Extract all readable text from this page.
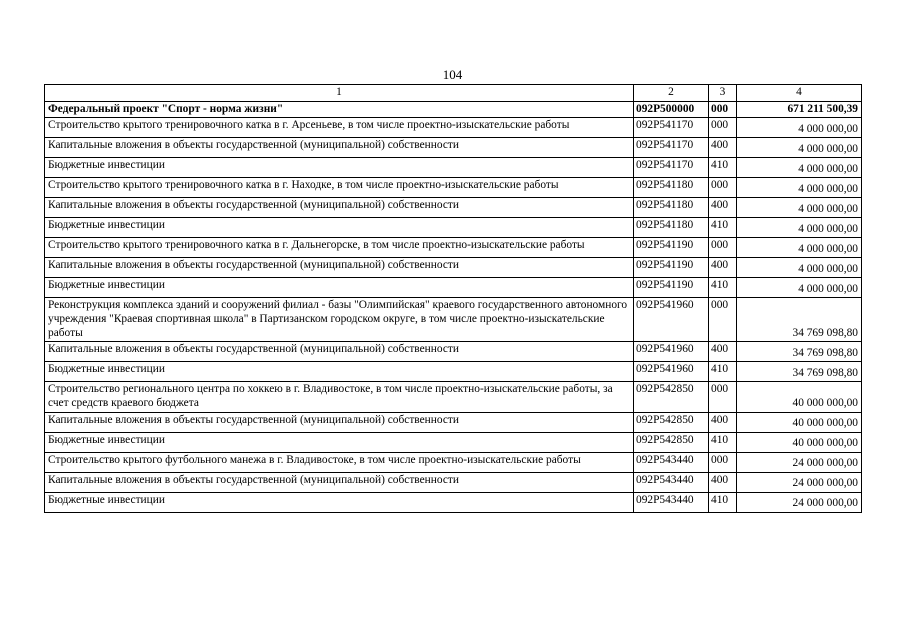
104
1	2	3	4
Федеральный проект "Спорт - норма жизни"	092P500000	000	671 211 500,39
Строительство крытого тренировочного катка в г. Арсеньеве, в том числе проектно-изыскательские работы	092P541170	000	4 000 000,00
Капитальные вложения в объекты государственной (муниципальной) собственности	092P541170	400	4 000 000,00
Бюджетные инвестиции	092P541170	410	4 000 000,00
Строительство крытого тренировочного катка в г. Находке, в том числе проектно-изыскательские работы	092P541180	000	4 000 000,00
Капитальные вложения в объекты государственной (муниципальной) собственности	092P541180	400	4 000 000,00
Бюджетные инвестиции	092P541180	410	4 000 000,00
Строительство крытого тренировочного катка в г. Дальнегорске, в том числе проектно-изыскательские работы	092P541190	000	4 000 000,00
Капитальные вложения в объекты государственной (муниципальной) собственности	092P541190	400	4 000 000,00
Бюджетные инвестиции	092P541190	410	4 000 000,00
Реконструкция комплекса зданий и сооружений филиал - базы "Олимпийская" краевого государственного автономного учреждения "Краевая спортивная школа" в Партизанском городском округе, в том числе проектно-изыскательские работы	092P541960	000	34 769 098,80
Капитальные вложения в объекты государственной (муниципальной) собственности	092P541960	400	34 769 098,80
Бюджетные инвестиции	092P541960	410	34 769 098,80
Строительство регионального центра по хоккею в г. Владивостоке, в том числе проектно-изыскательские работы, за счет средств краевого бюджета	092P542850	000	40 000 000,00
Капитальные вложения в объекты государственной (муниципальной) собственности	092P542850	400	40 000 000,00
Бюджетные инвестиции	092P542850	410	40 000 000,00
Строительство крытого футбольного манежа в г. Владивостоке, в том числе проектно-изыскательские работы	092P543440	000	24 000 000,00
Капитальные вложения в объекты государственной (муниципальной) собственности	092P543440	400	24 000 000,00
Бюджетные инвестиции	092P543440	410	24 000 000,00
